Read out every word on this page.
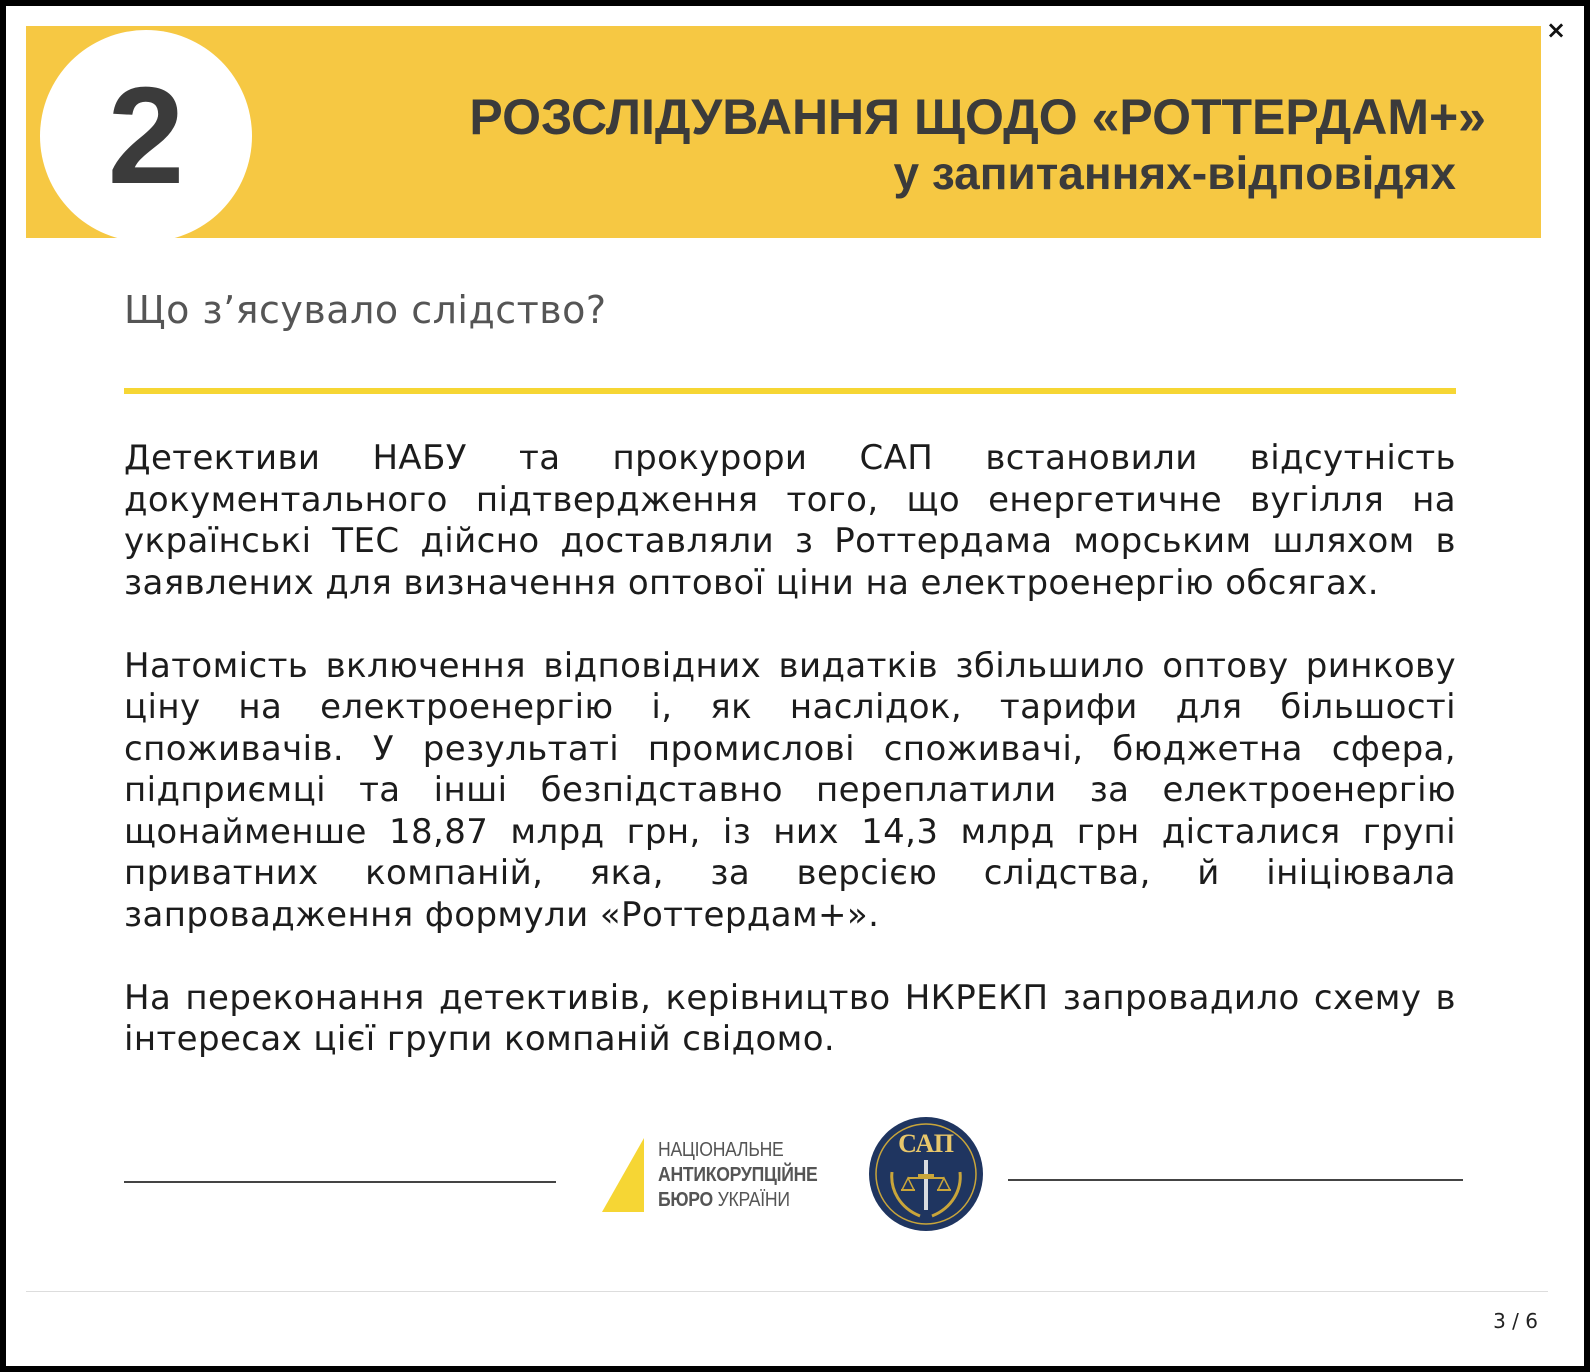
×
2	РОЗСЛІДУВАННЯ ЩОДО «РОТТЕРДАМ+»
у запитаннях-відповідях
Що з’ясувало слідство?

Детективи НАБУ та прокурори САП встановили відсутність документального підтвердження того, що енергетичне вугілля на українські ТЕС дійсно доставляли з Роттердама морським шляхом в заявлених для визначення оптової ціни на електроенергію обсягах.

Натомість включення відповідних видатків збільшило оптову ринкову ціну на електроенергію і, як наслідок, тарифи для більшості споживачів. У результаті промислові споживачі, бюджетна сфера, підприємці та інші безпідставно переплатили за електроенергію щонайменше 18,87 млрд грн, із них 14,3 млрд грн дісталися групі приватних компаній, яка, за версією слідства, й ініціювала запровадження формули «Роттердам+».

На переконання детективів, керівництво НКРЕКП запровадило схему в інтересах цієї групи компаній свідомо.

НАЦІОНАЛЬНЕ
АНТИКОРУПЦІЙНЕ
БЮРО УКРАЇНИ
САП
3 / 6
